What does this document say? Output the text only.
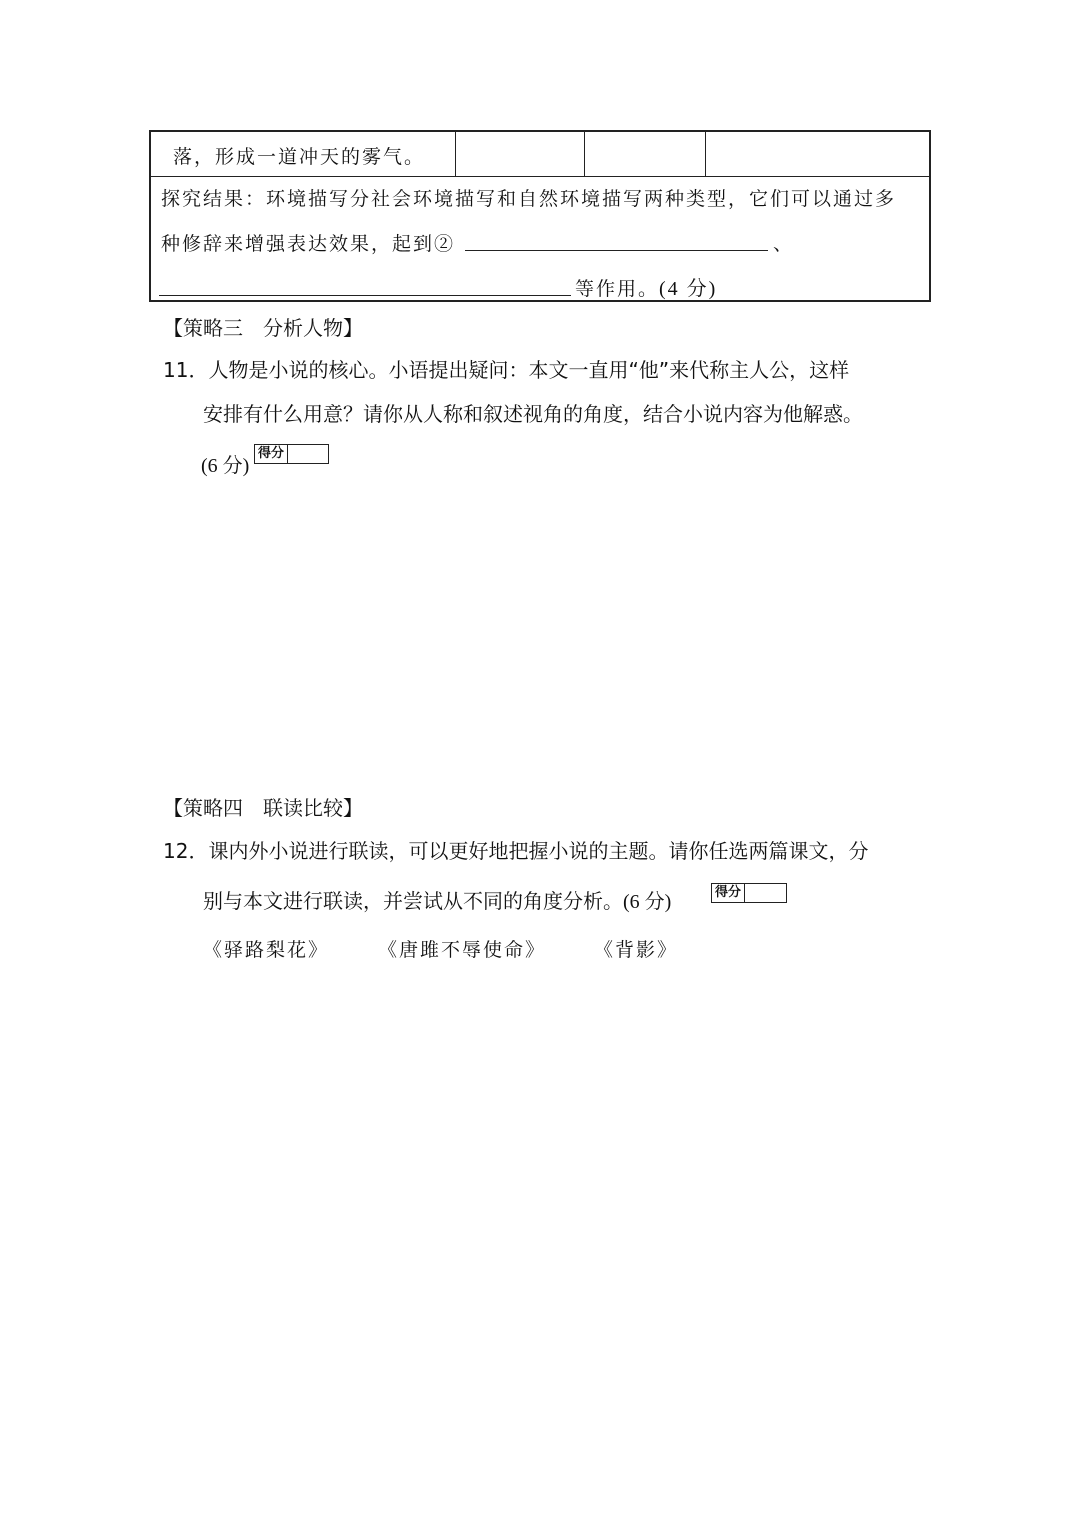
落，形成一道冲天的雾气。
探究结果：环境描写分社会环境描写和自然环境描写两种类型，它们可以通过多
种修辞来增强表达效果，起到②	、
等作用。(4 分)
【策略三　分析人物】
11．人物是小说的核心。小语提出疑问：本文一直用“他”来代称主人公，这样
安排有什么用意？请你从人称和叙述视角的角度，结合小说内容为他解惑。
(6 分)
得分
【策略四　联读比较】
12．课内外小说进行联读，可以更好地把握小说的主题。请你任选两篇课文，分
别与本文进行联读，并尝试从不同的角度分析。(6 分)	得分
《驿路梨花》	《唐雎不辱使命》	《背影》
